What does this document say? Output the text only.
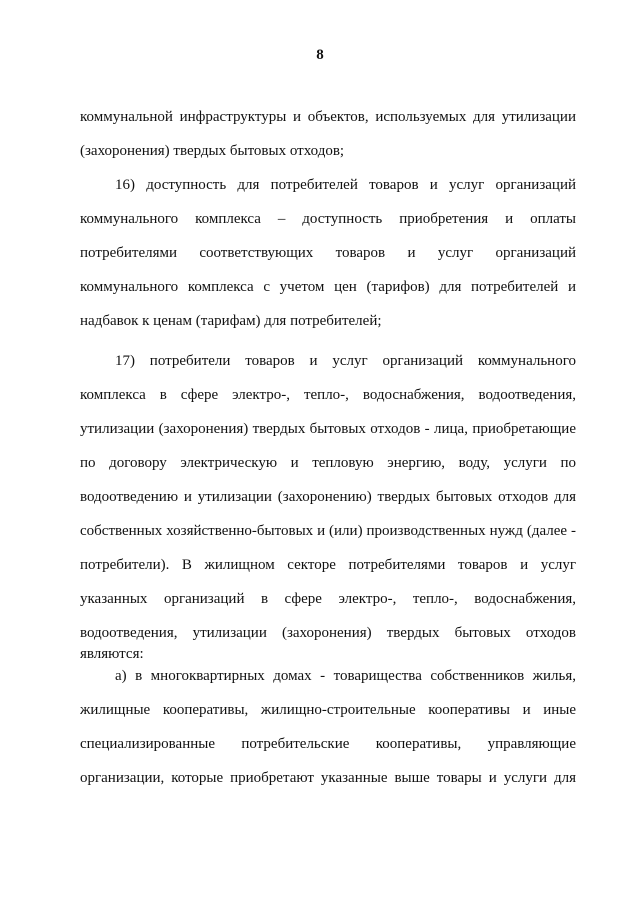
8
коммунальной инфраструктуры и объектов, используемых для утилизации
(захоронения) твердых бытовых отходов;
16) доступность для потребителей товаров и услуг организаций
коммунального комплекса – доступность приобретения и оплаты
потребителями соответствующих товаров и услуг организаций
коммунального комплекса с учетом цен (тарифов) для потребителей и
надбавок к ценам (тарифам) для потребителей;
17) потребители товаров и услуг организаций коммунального
комплекса в сфере электро-, тепло-, водоснабжения, водоотведения,
утилизации (захоронения) твердых бытовых отходов - лица, приобретающие
по договору электрическую и тепловую энергию, воду, услуги по
водоотведению и утилизации (захоронению) твердых бытовых отходов для
собственных хозяйственно-бытовых и (или) производственных нужд (далее -
потребители). В жилищном секторе потребителями товаров и услуг
указанных организаций в сфере электро-, тепло-, водоснабжения,
водоотведения, утилизации (захоронения) твердых бытовых отходов
являются:
а) в многоквартирных домах - товарищества собственников жилья,
жилищные кооперативы, жилищно-строительные кооперативы и иные
специализированные потребительские кооперативы, управляющие
организации, которые приобретают указанные выше товары и услуги для
